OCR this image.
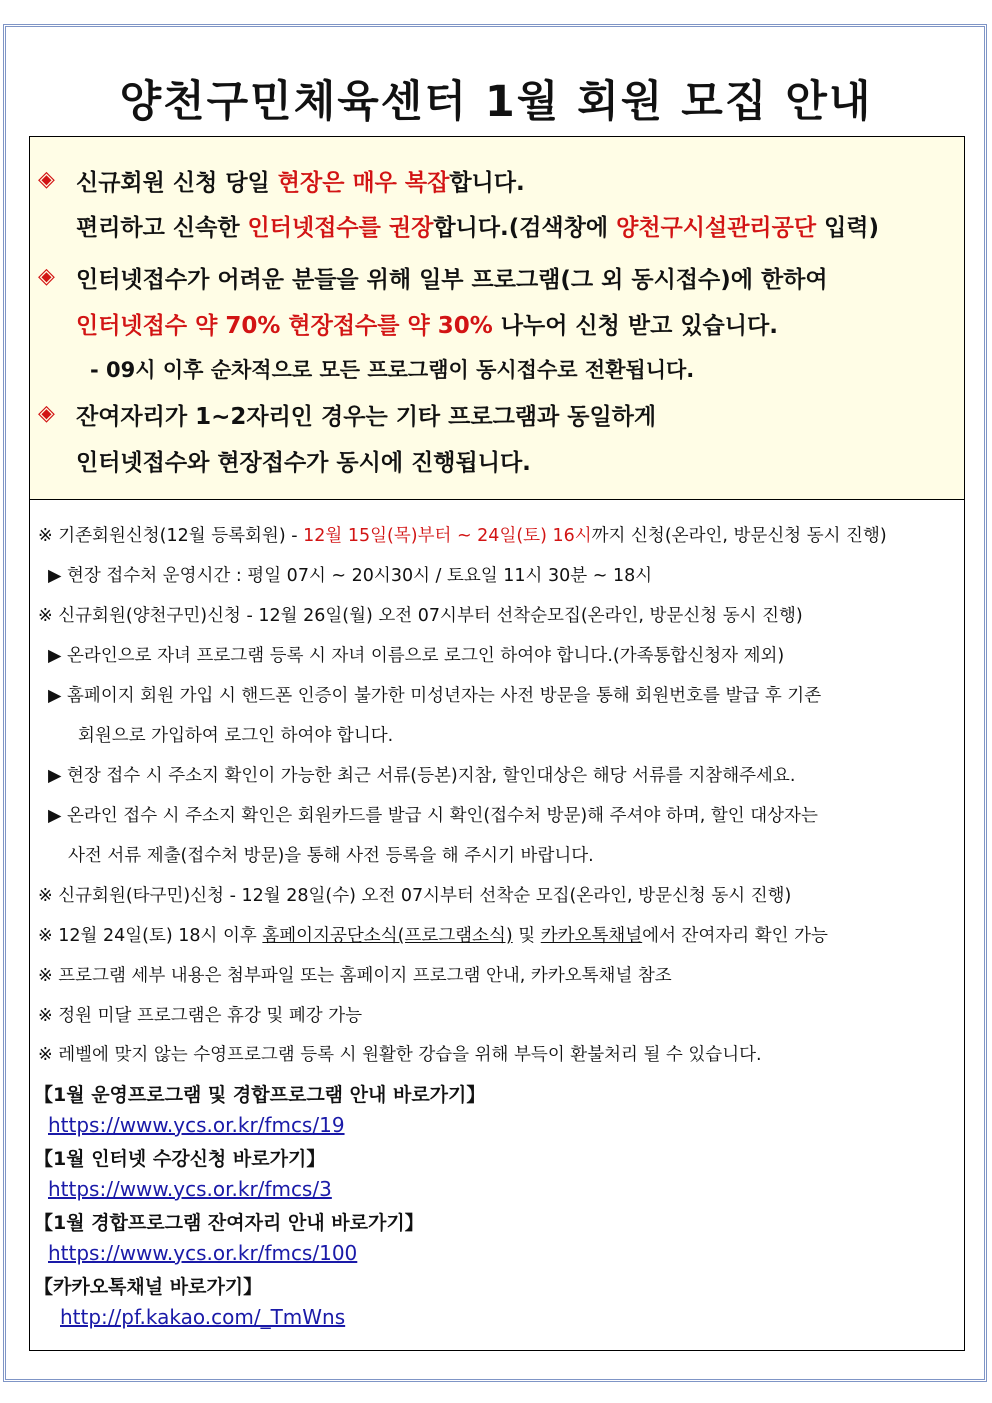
양천구민체육센터 1월 회원 모집 안내
◈ 신규회원 신청 당일 현장은 매우 복잡합니다.
편리하고 신속한 인터넷접수를 권장합니다.(검색창에 양천구시설관리공단 입력)
◈ 인터넷접수가 어려운 분들을 위해 일부 프로그램(그 외 동시접수)에 한하여
인터넷접수 약 70% 현장접수를 약 30% 나누어 신청 받고 있습니다.
- 09시 이후 순차적으로 모든 프로그램이 동시접수로 전환됩니다.
◈ 잔여자리가 1~2자리인 경우는 기타 프로그램과 동일하게
인터넷접수와 현장접수가 동시에 진행됩니다.
※ 기존회원신청(12월 등록회원) - 12월 15일(목)부터 ~ 24일(토) 16시까지 신청(온라인, 방문신청 동시 진행)
▶ 현장 접수처 운영시간 : 평일 07시 ~ 20시30시 / 토요일 11시 30분 ~ 18시
※ 신규회원(양천구민)신청 - 12월 26일(월) 오전 07시부터 선착순모집(온라인, 방문신청 동시 진행)
▶ 온라인으로 자녀 프로그램 등록 시 자녀 이름으로 로그인 하여야 합니다.(가족통합신청자 제외)
▶ 홈페이지 회원 가입 시 핸드폰 인증이 불가한 미성년자는 사전 방문을 통해 회원번호를 발급 후 기존
회원으로 가입하여 로그인 하여야 합니다.
▶ 현장 접수 시 주소지 확인이 가능한 최근 서류(등본)지참, 할인대상은 해당 서류를 지참해주세요.
▶ 온라인 접수 시 주소지 확인은 회원카드를 발급 시 확인(접수처 방문)해 주셔야 하며, 할인 대상자는
사전 서류 제출(접수처 방문)을 통해 사전 등록을 해 주시기 바랍니다.
※ 신규회원(타구민)신청 - 12월 28일(수) 오전 07시부터 선착순 모집(온라인, 방문신청 동시 진행)
※ 12월 24일(토) 18시 이후 홈페이지공단소식(프로그램소식) 및 카카오톡채널에서 잔여자리 확인 가능
※ 프로그램 세부 내용은 첨부파일 또는 홈페이지 프로그램 안내, 카카오톡채널 참조
※ 정원 미달 프로그램은 휴강 및 폐강 가능
※ 레벨에 맞지 않는 수영프로그램 등록 시 원활한 강습을 위해 부득이 환불처리 될 수 있습니다.
【1월 운영프로그램 및 경합프로그램 안내 바로가기】
https://www.ycs.or.kr/fmcs/19
【1월 인터넷 수강신청 바로가기】
https://www.ycs.or.kr/fmcs/3
【1월 경합프로그램 잔여자리 안내 바로가기】
https://www.ycs.or.kr/fmcs/100
【카카오톡채널 바로가기】
http://pf.kakao.com/_TmWns
